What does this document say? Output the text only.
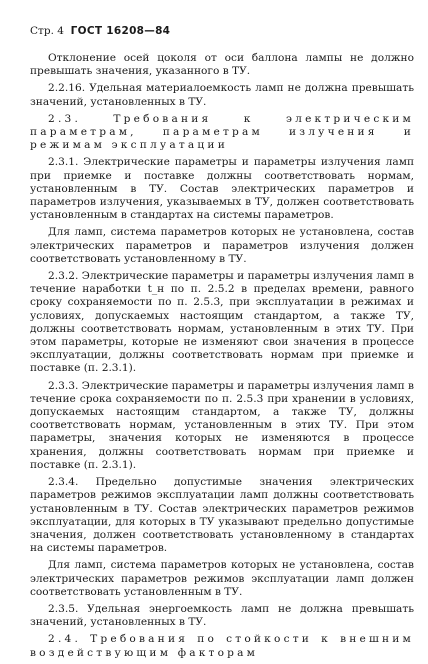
Стр. 4 ГОСТ 16208—84
Отклонение осей цоколя от оси баллона лампы не должно превышать значения, указанного в ТУ.
2.2.16. Удельная материалоемкость ламп не должна превышать значений, установленных в ТУ.
2.3. Требования к электрическим параметрам, параметрам излучения и режимам эксплуатации
2.3.1. Электрические параметры и параметры излучения ламп при приемке и поставке должны соответствовать нормам, установленным в ТУ. Состав электрических параметров и параметров излучения, указываемых в ТУ, должен соответствовать установленным в стандартах на системы параметров.
Для ламп, система параметров которых не установлена, состав электрических параметров и параметров излучения должен соответствовать установленному в ТУ.
2.3.2. Электрические параметры и параметры излучения ламп в течение наработки t_н по п. 2.5.2 в пределах времени, равного сроку сохраняемости по п. 2.5.3, при эксплуатации в режимах и условиях, допускаемых настоящим стандартом, а также ТУ, должны соответствовать нормам, установленным в этих ТУ. При этом параметры, которые не изменяют свои значения в процессе эксплуатации, должны соответствовать нормам при приемке и поставке (п. 2.3.1).
2.3.3. Электрические параметры и параметры излучения ламп в течение срока сохраняемости по п. 2.5.3 при хранении в условиях, допускаемых настоящим стандартом, а также ТУ, должны соответствовать нормам, установленным в этих ТУ. При этом параметры, значения которых не изменяются в процессе хранения, должны соответствовать нормам при приемке и поставке (п. 2.3.1).
2.3.4. Предельно допустимые значения электрических параметров режимов эксплуатации ламп должны соответствовать установленным в ТУ. Состав электрических параметров режимов эксплуатации, для которых в ТУ указывают предельно допустимые значения, должен соответствовать установленному в стандартах на системы параметров.
Для ламп, система параметров которых не установлена, состав электрических параметров режимов эксплуатации ламп должен соответствовать установленным в ТУ.
2.3.5. Удельная энергоемкость ламп не должна превышать значений, установленных в ТУ.
2.4. Требования по стойкости к внешним воздействующим факторам
